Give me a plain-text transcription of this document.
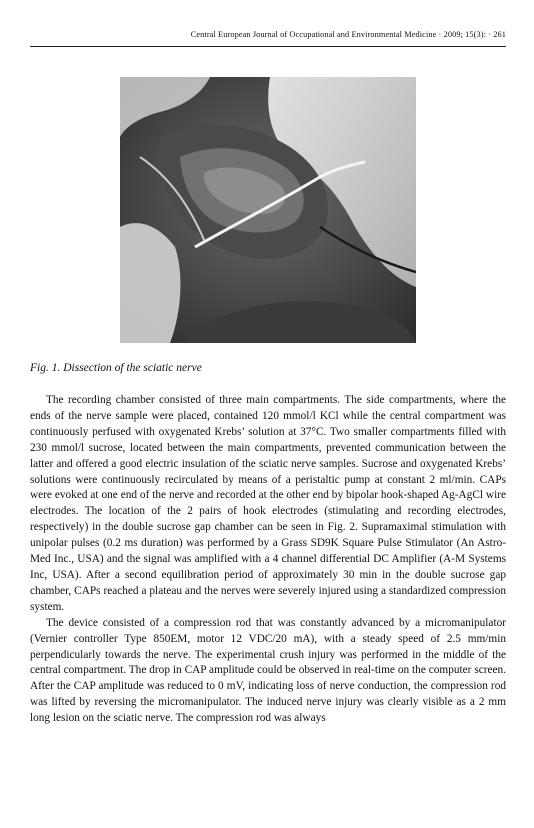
Central European Journal of Occupational and Environmental Medicine · 2009; 15(3): · 261
Fig. 1. Dissection of the sciatic nerve

The recording chamber consisted of three main compartments. The side compartments, where the ends of the nerve sample were placed, contained 120 mmol/l KCl while the central compartment was continuously perfused with oxygenated Krebs’ solution at 37°C. Two smaller compartments filled with 230 mmol/l sucrose, located between the main compartments, prevented communication between the latter and offered a good electric insulation of the sciatic nerve samples. Sucrose and oxygenated Krebs’ solutions were continuously recirculated by means of a peristaltic pump at constant 2 ml/min. CAPs were evoked at one end of the nerve and recorded at the other end by bipolar hook-shaped Ag-AgCl wire electrodes. The location of the 2 pairs of hook electrodes (stimulating and recording electrodes, respectively) in the double sucrose gap chamber can be seen in Fig. 2. Supramaximal stimulation with unipolar pulses (0.2 ms duration) was performed by a Grass SD9K Square Pulse Stimulator (An Astro-Med Inc., USA) and the signal was amplified with a 4 channel differential DC Amplifier (A-M Systems Inc, USA). After a second equilibration period of approximately 30 min in the double sucrose gap chamber, CAPs reached a plateau and the nerves were severely injured using a standardized compression system.

The device consisted of a compression rod that was constantly advanced by a micromanipulator (Vernier controller Type 850EM, motor 12 VDC/20 mA), with a steady speed of 2.5 mm/min perpendicularly towards the nerve. The experimental crush injury was performed in the middle of the central compartment. The drop in CAP amplitude could be observed in real-time on the computer screen. After the CAP amplitude was reduced to 0 mV, indicating loss of nerve conduction, the compression rod was lifted by reversing the micromanipulator. The induced nerve injury was clearly visible as a 2 mm long lesion on the sciatic nerve. The compression rod was always
